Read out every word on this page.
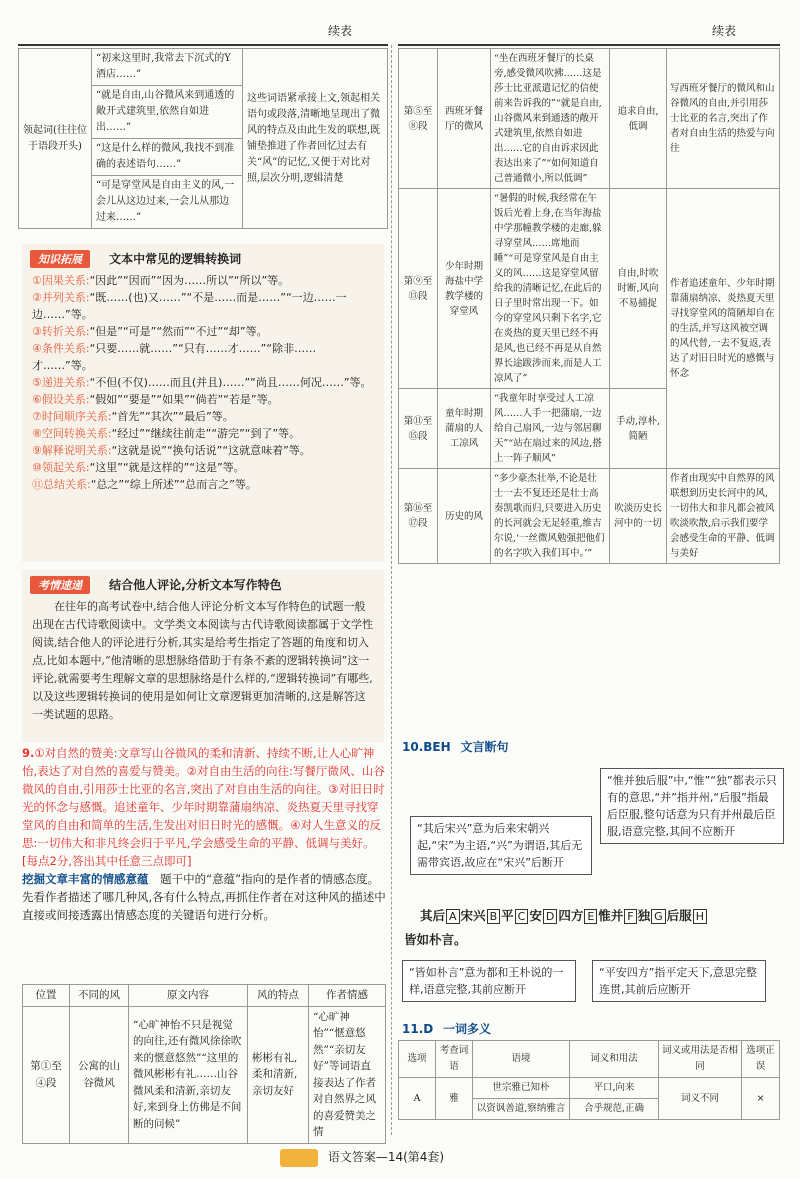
续表
领起词(往往位于语段开头)	“初来这里时,我常去下沉式的Y酒店……”	这些词语紧承接上文,领起相关语句或段落,清晰地呈现出了微风的特点及由此生发的联想,既铺垫推进了作者回忆过去有关“风”的记忆,又便于对比对照,层次分明,逻辑清楚
“就是自由,山谷微风来到通透的敞开式建筑里,依然自如进出……”
“这是什么样的微风,我找不到准确的表述语句……”
“可是穿堂风是自由主义的风,一会儿从这边过来,一会儿从那边过来……”
知识拓展 文本中常见的逻辑转换词
①因果关系:“因此”“因而”“因为……所以”“所以”等。
②并列关系:“既……(也)又……”“不是……而是……”“一边……一边……”等。
③转折关系:“但是”“可是”“然而”“不过”“却”等。
④条件关系:“只要……就……”“只有……才……”“除非……才……”等。
⑤递进关系:“不但(不仅)……而且(并且)……”“尚且……何况……”等。
⑥假设关系:“假如”“要是”“如果”“倘若”“若是”等。
⑦时间顺序关系:“首先”“其次”“最后”等。
⑧空间转换关系:“经过”“继续往前走”“游完”“到了”等。
⑨解释说明关系:“这就是说”“换句话说”“这就意味着”等。
⑩领起关系:“这里”“就是这样的”“这是”等。
⑪总结关系:“总之”“综上所述”“总而言之”等。
考情速递 结合他人评论,分析文本写作特色

在往年的高考试卷中,结合他人评论分析文本写作特色的试题一般出现在古代诗歌阅读中。文学类文本阅读与古代诗歌阅读都属于文学性阅读,结合他人的评论进行分析,其实是给考生指定了答题的角度和切入点,比如本题中,“他清晰的思想脉络借助于有条不紊的逻辑转换词”这一评论,就需要考生理解文章的思想脉络是什么样的,“逻辑转换词”有哪些,以及这些逻辑转换词的使用是如何让文章逻辑更加清晰的,这是解答这一类试题的思路。

9.①对自然的赞美:文章写山谷微风的柔和清新、持续不断,让人心旷神怡,表达了对自然的喜爱与赞美。②对自由生活的向往:写餐厅微风、山谷微风的自由,引用莎士比亚的名言,突出了对自由生活的向往。③对旧日时光的怀念与感慨。追述童年、少年时期靠蒲扇纳凉、炎热夏天里寻找穿堂风的自由和简单的生活,生发出对旧日时光的感慨。④对人生意义的反思:一切伟大和非凡终会归于平凡,学会感受生命的平静、低调与美好。[每点2分,答出其中任意三点即可]
挖掘文章丰富的情感意蕴 题干中的“意蕴”指向的是作者的情感态度。先看作者描述了哪几种风,各有什么特点,再抓住作者在对这种风的描述中直接或间接透露出情感态度的关键语句进行分析。
位置	不同的风	原文内容	风的特点	作者情感
第①至④段	公寓的山谷微风	“心旷神怡不只是视觉的向往,还有微风徐徐吹来的惬意悠然”“这里的微风彬彬有礼……山谷微风柔和清新,亲切友好,来到身上仿佛是不间断的问候”	彬彬有礼,柔和清新,亲切友好	“心旷神怡”“惬意悠然”“亲切友好”等词语直接表达了作者对自然界之风的喜爱赞美之情
续表
第⑤至⑧段	西班牙餐厅的微风	“坐在西班牙餐厅的长桌旁,感受微风吹拂……这是莎士比亚派遣记忆的信使前来告诉我的”“就是自由,山谷微风来到通透的敞开式建筑里,依然自如进出……它的自由诉求因此表达出来了”“如何知道自己普通微小,所以低调”	追求自由,低调	写西班牙餐厅的微风和山谷微风的自由,并引用莎士比亚的名言,突出了作者对自由生活的热爱与向往
第⑨至⑬段	少年时期海盐中学教学楼的穿堂风	“暑假的时候,我经常在午饭后光着上身,在当年海盐中学那幢教学楼的走廊,躲寻穿堂风……席地而睡”“可是穿堂风是自由主义的风……这是穿堂风留给我的清晰记忆,在此后的日子里时常出现一下。如今的穿堂风只剩下名字,它在炎热的夏天里已经不再是风,也已经不再是从自然界长途跋涉而来,而是人工凉风了”	自由,时吹时断,风向不易捕捉	作者追述童年、少年时期靠蒲扇纳凉、炎热夏天里寻找穿堂风的简陋却自在的生活,并写这风被空调的风代替,一去不复返,表达了对旧日时光的感慨与怀念
第⑪至⑮段	童年时期蒲扇的人工凉风	“我童年时享受过人工凉风……人手一把蒲扇,一边给自己扇风,一边与邻居聊天”“站在扇过来的风边,搭上一阵子顺风”	手动,淳朴,简陋	
第⑯至⑰段	历史的风	“多少豪杰壮举,不论是壮士一去不复还还是壮士高奏凯歌而归,只要进入历史的长河就会无足轻重,维吉尔说,‘一丝微风勉强把他们的名字吹入我们耳中。’”	吹淡历史长河中的一切	作者由现实中自然界的风联想到历史长河中的风,一切伟大和非凡都会被风吹淡吹散,启示我们要学会感受生命的平静、低调与美好
10.BEH 文言断句
“其后宋兴”意为后来宋朝兴起,“宋”为主语,“兴”为谓语,其后无需带宾语,故应在“宋兴”后断开
“惟并独后服”中,“惟”“独”都表示只有的意思,“并”指并州,“后服”指最后臣服,整句话意为只有并州最后臣服,语意完整,其间不应断开
其后 A 宋兴 B 平 C 安 D 四方 E 惟并 F 独 G 后服 H
皆如朴言。
“皆如朴言”意为都和王朴说的一样,语意完整,其前应断开
“平安四方”指平定天下,意思完整连贯,其前后应断开
11.D 一词多义
选项	考查词语	语境	词义和用法	词义或用法是否相同	选项正误
A	雅	世宗雅已知朴	平口,向来	词义不同	×
		以资讽善道,察纳雅言	合乎规范,正确		
语文答案—14(第4套)
